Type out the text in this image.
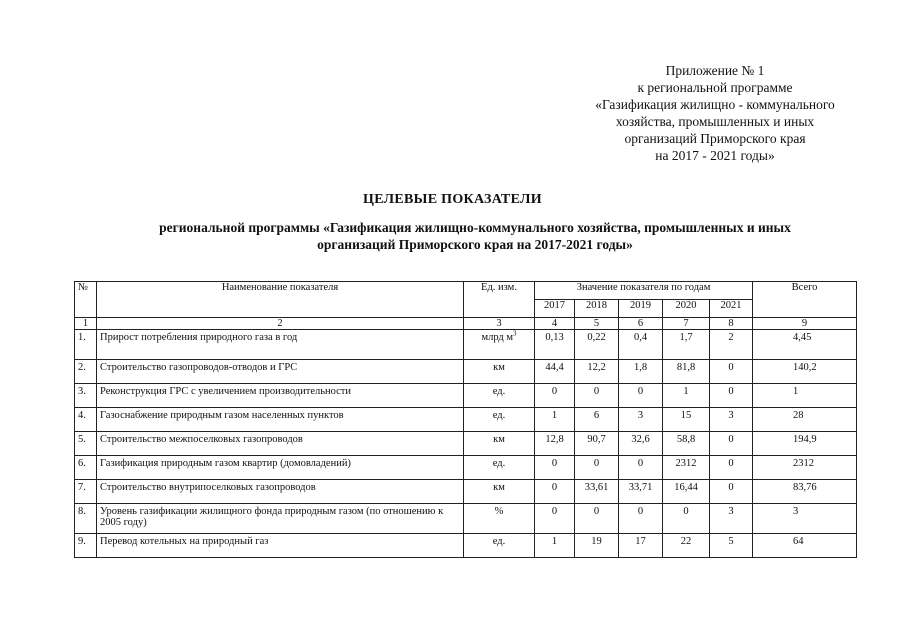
Приложение № 1
к региональной программе
«Газификация жилищно - коммунального
хозяйства, промышленных и иных
организаций Приморского края
на 2017 - 2021 годы»
ЦЕЛЕВЫЕ ПОКАЗАТЕЛИ
региональной программы «Газификация жилищно-коммунального хозяйства, промышленных и иных
организаций Приморского края на 2017-2021 годы»
№	Наименование показателя	Ед. изм.	Значение показателя по годам					Всего
			2017	2018	2019	2020	2021	
1	2	3	4	5	6	7	8	9
1.	Прирост потребления природного газа в год	млрд $м^3$	0,13	0,22	0,4	1,7	2	4,45
2.	Строительство газопроводов-отводов и ГРС	км	44,4	12,2	1,8	81,8	0	140,2
3.	Реконструкция ГРС с увеличением производительности	ед.	0	0	0	1	0	1
4.	Газоснабжение природным газом населенных пунктов	ед.	1	6	3	15	3	28
5.	Строительство межпоселковых газопроводов	км	12,8	90,7	32,6	58,8	0	194,9
6.	Газификация природным газом квартир (домовладений)	ед.	0	0	0	2312	0	2312
7.	Строительство внутрипоселковых газопроводов	км	0	33,61	33,71	16,44	0	83,76
8.	Уровень газификации жилищного фонда природным газом (по отношению к 2005 году)	%	0	0	0	0	3	3
9.	Перевод котельных на природный газ	ед.	1	19	17	22	5	64
